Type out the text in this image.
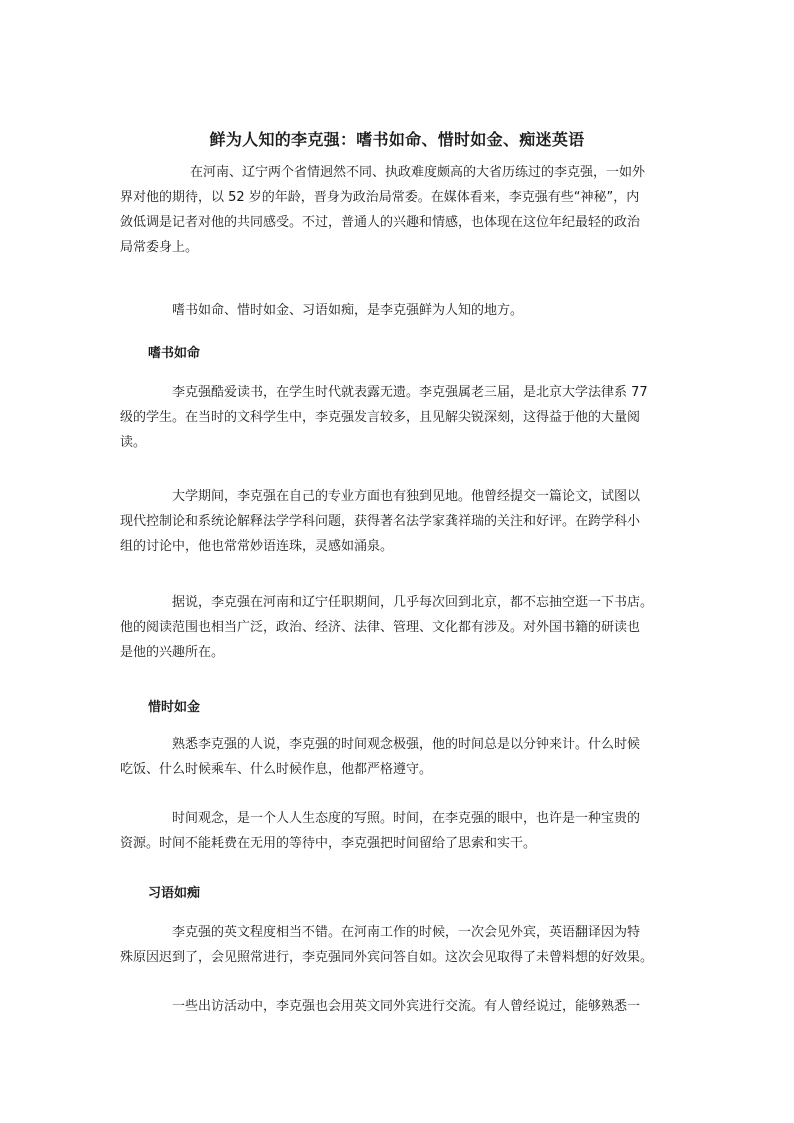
鲜为人知的李克强：嗜书如命、惜时如金、痴迷英语

在河南、辽宁两个省情迥然不同、执政难度颇高的大省历练过的李克强，一如外
界对他的期待，以 52 岁的年龄，晋身为政治局常委。在媒体看来，李克强有些“神秘”，内
敛低调是记者对他的共同感受。不过，普通人的兴趣和情感，也体现在这位年纪最轻的政治
局常委身上。

嗜书如命、惜时如金、习语如痴，是李克强鲜为人知的地方。

嗜书如命

李克强酷爱读书，在学生时代就表露无遗。李克强属老三届，是北京大学法律系 77
级的学生。在当时的文科学生中，李克强发言较多，且见解尖锐深刻，这得益于他的大量阅
读。

大学期间，李克强在自己的专业方面也有独到见地。他曾经提交一篇论文，试图以
现代控制论和系统论解释法学学科问题，获得著名法学家龚祥瑞的关注和好评。在跨学科小
组的讨论中，他也常常妙语连珠，灵感如涌泉。

据说，李克强在河南和辽宁任职期间，几乎每次回到北京，都不忘抽空逛一下书店。
他的阅读范围也相当广泛，政治、经济、法律、管理、文化都有涉及。对外国书籍的研读也
是他的兴趣所在。

惜时如金

熟悉李克强的人说，李克强的时间观念极强，他的时间总是以分钟来计。什么时候
吃饭、什么时候乘车、什么时候作息，他都严格遵守。

时间观念，是一个人人生态度的写照。时间，在李克强的眼中，也许是一种宝贵的
资源。时间不能耗费在无用的等待中，李克强把时间留给了思索和实干。

习语如痴

李克强的英文程度相当不错。在河南工作的时候，一次会见外宾，英语翻译因为特
殊原因迟到了，会见照常进行，李克强同外宾问答自如。这次会见取得了未曾料想的好效果。

一些出访活动中，李克强也会用英文同外宾进行交流。有人曾经说过，能够熟悉一
